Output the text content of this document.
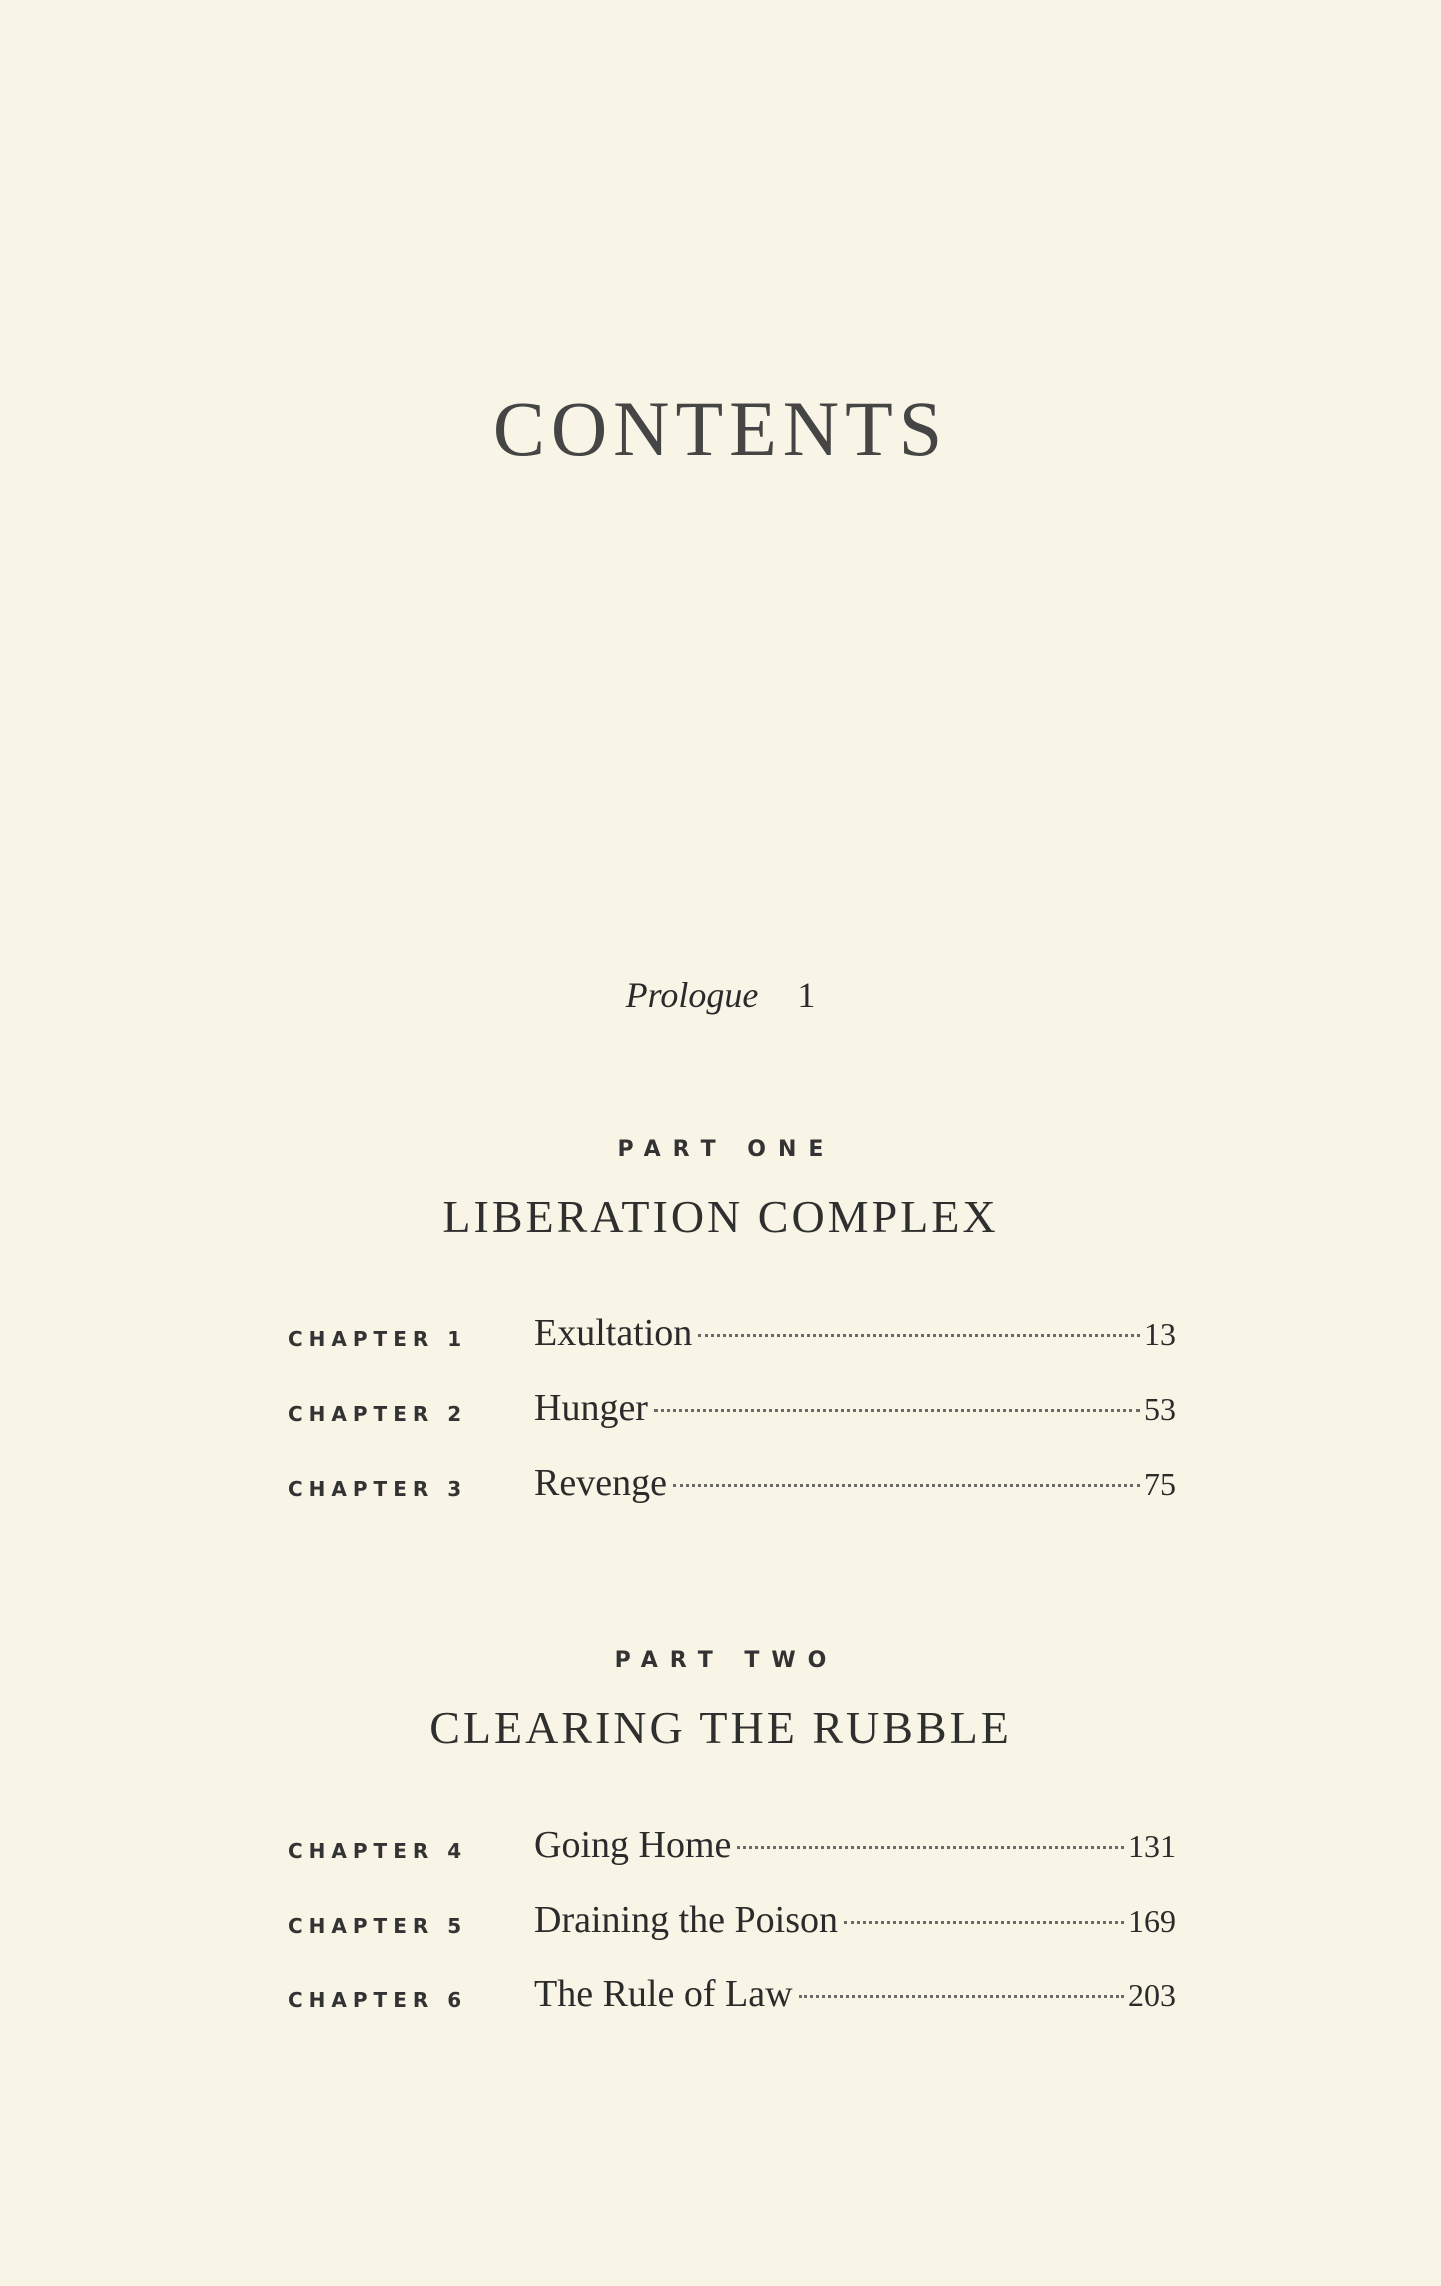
CONTENTS
Prologue 1
PART ONE
LIBERATION COMPLEX
CHAPTER 1 Exultation	13
CHAPTER 2 Hunger	53
CHAPTER 3 Revenge	75
PART TWO
CLEARING THE RUBBLE
CHAPTER 4 Going Home	131
CHAPTER 5 Draining the Poison	169
CHAPTER 6 The Rule of Law	203
